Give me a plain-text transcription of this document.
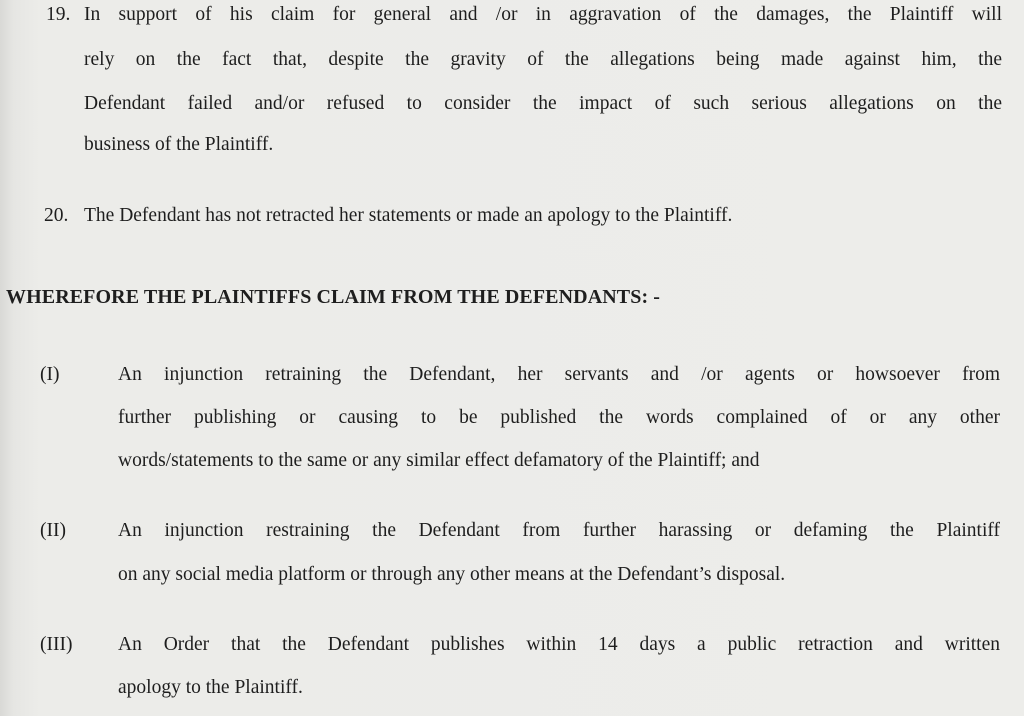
19. In support of his claim for general and /or in aggravation of the damages, the Plaintiff will
rely on the fact that, despite the gravity of the allegations being made against him, the
Defendant failed and/or refused to consider the impact of such serious allegations on the
business of the Plaintiff.
20. The Defendant has not retracted her statements or made an apology to the Plaintiff.
WHEREFORE THE PLAINTIFFS CLAIM FROM THE DEFENDANTS: -
(I)	An injunction retraining the Defendant, her servants and /or agents or howsoever from
further publishing or causing to be published the words complained of or any other
words/statements to the same or any similar effect defamatory of the Plaintiff; and
(II)	An injunction restraining the Defendant from further harassing or defaming the Plaintiff
on any social media platform or through any other means at the Defendant’s disposal.
(III) An Order that the Defendant publishes within 14 days a public retraction and written
apology to the Plaintiff.
